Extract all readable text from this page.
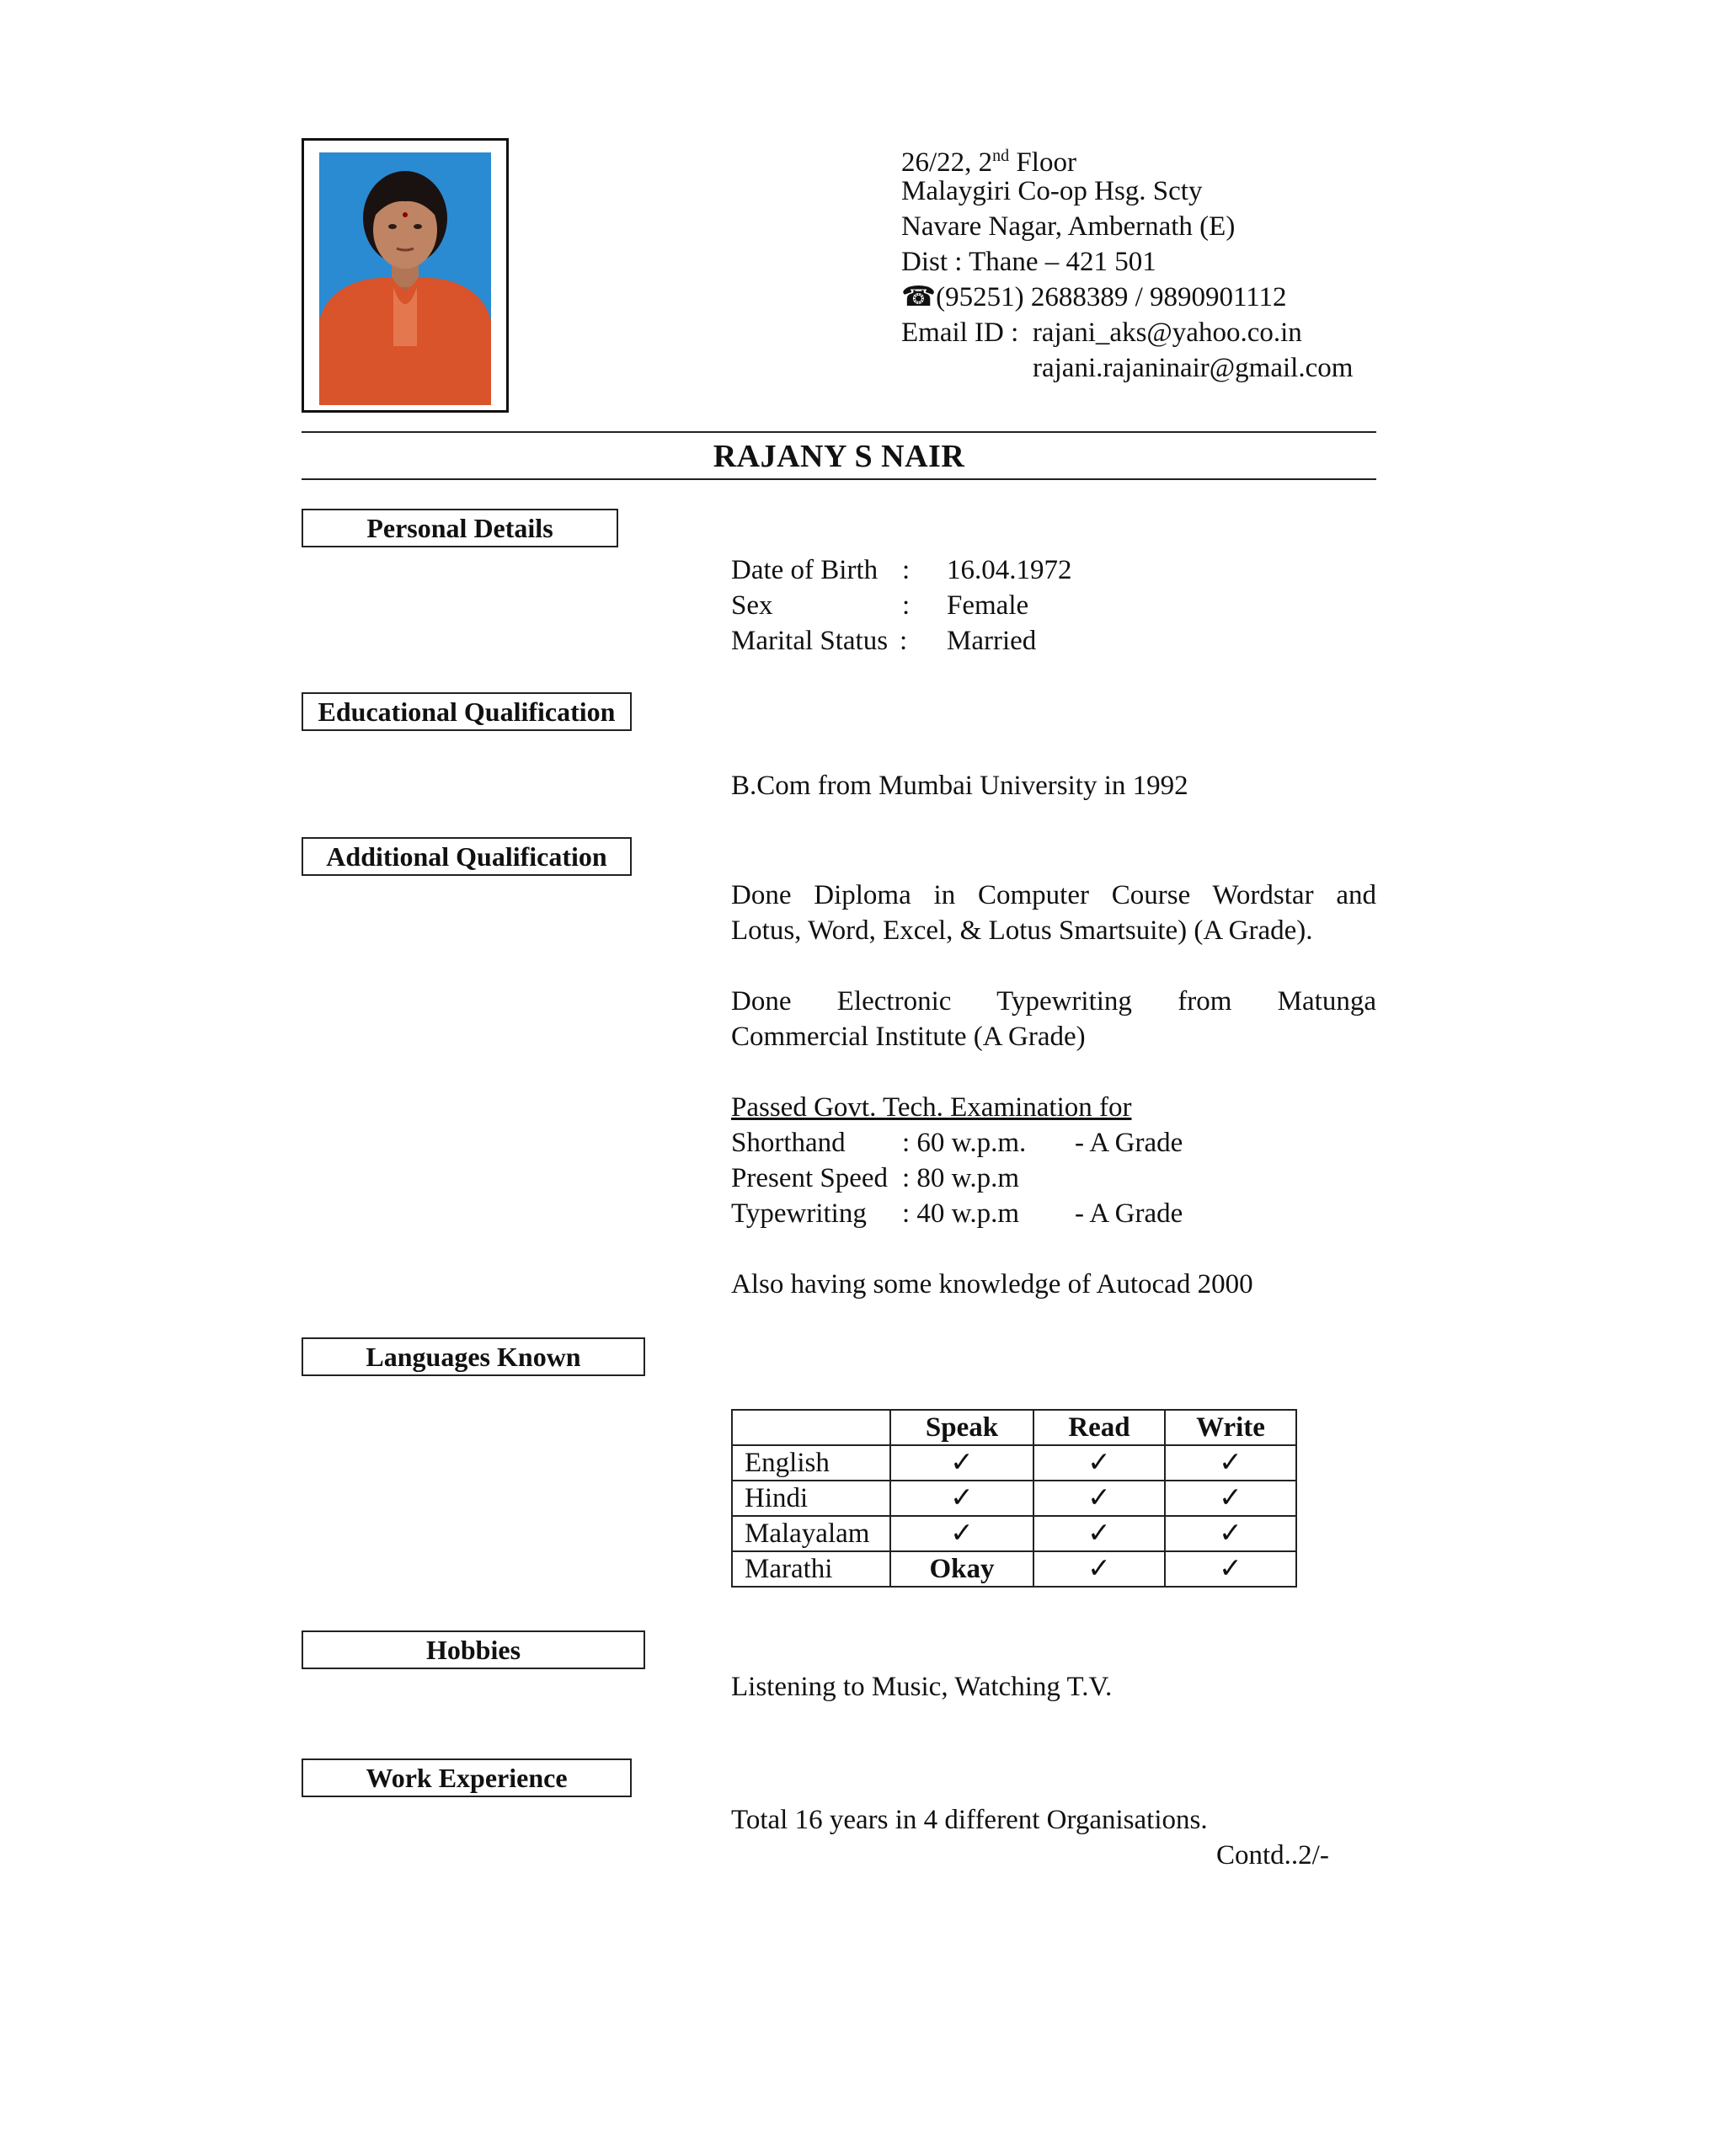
26/22, 2nd Floor
Malaygiri Co-op Hsg. Scty
Navare Nagar, Ambernath (E)
Dist : Thane – 421 501
☎(95251) 2688389 / 9890901112
Email ID : rajani_aks@yahoo.co.in
rajani.rajaninair@gmail.com
RAJANY S NAIR
Personal Details
Date of Birth : 16.04.1972
Sex	: Female
Marital Status : Married
Educational Qualification
B.Com from Mumbai University in 1992
Additional Qualification
Done Diploma in Computer Course Wordstar and
Lotus, Word, Excel, & Lotus Smartsuite) (A Grade).
Done Electronic Typewriting from Matunga
Commercial Institute (A Grade)
Passed Govt. Tech. Examination for
Shorthand : 60 w.p.m. - A Grade
Present Speed : 80 w.p.m
Typewriting : 40 w.p.m - A Grade
Also having some knowledge of Autocad 2000
Languages Known
	Speak	Read	Write
English	✓	✓	✓
Hindi	✓	✓	✓
Malayalam	✓	✓	✓
Marathi	Okay	✓	✓
Hobbies
Listening to Music, Watching T.V.
Work Experience
Total 16 years in 4 different Organisations.
Contd..2/-
